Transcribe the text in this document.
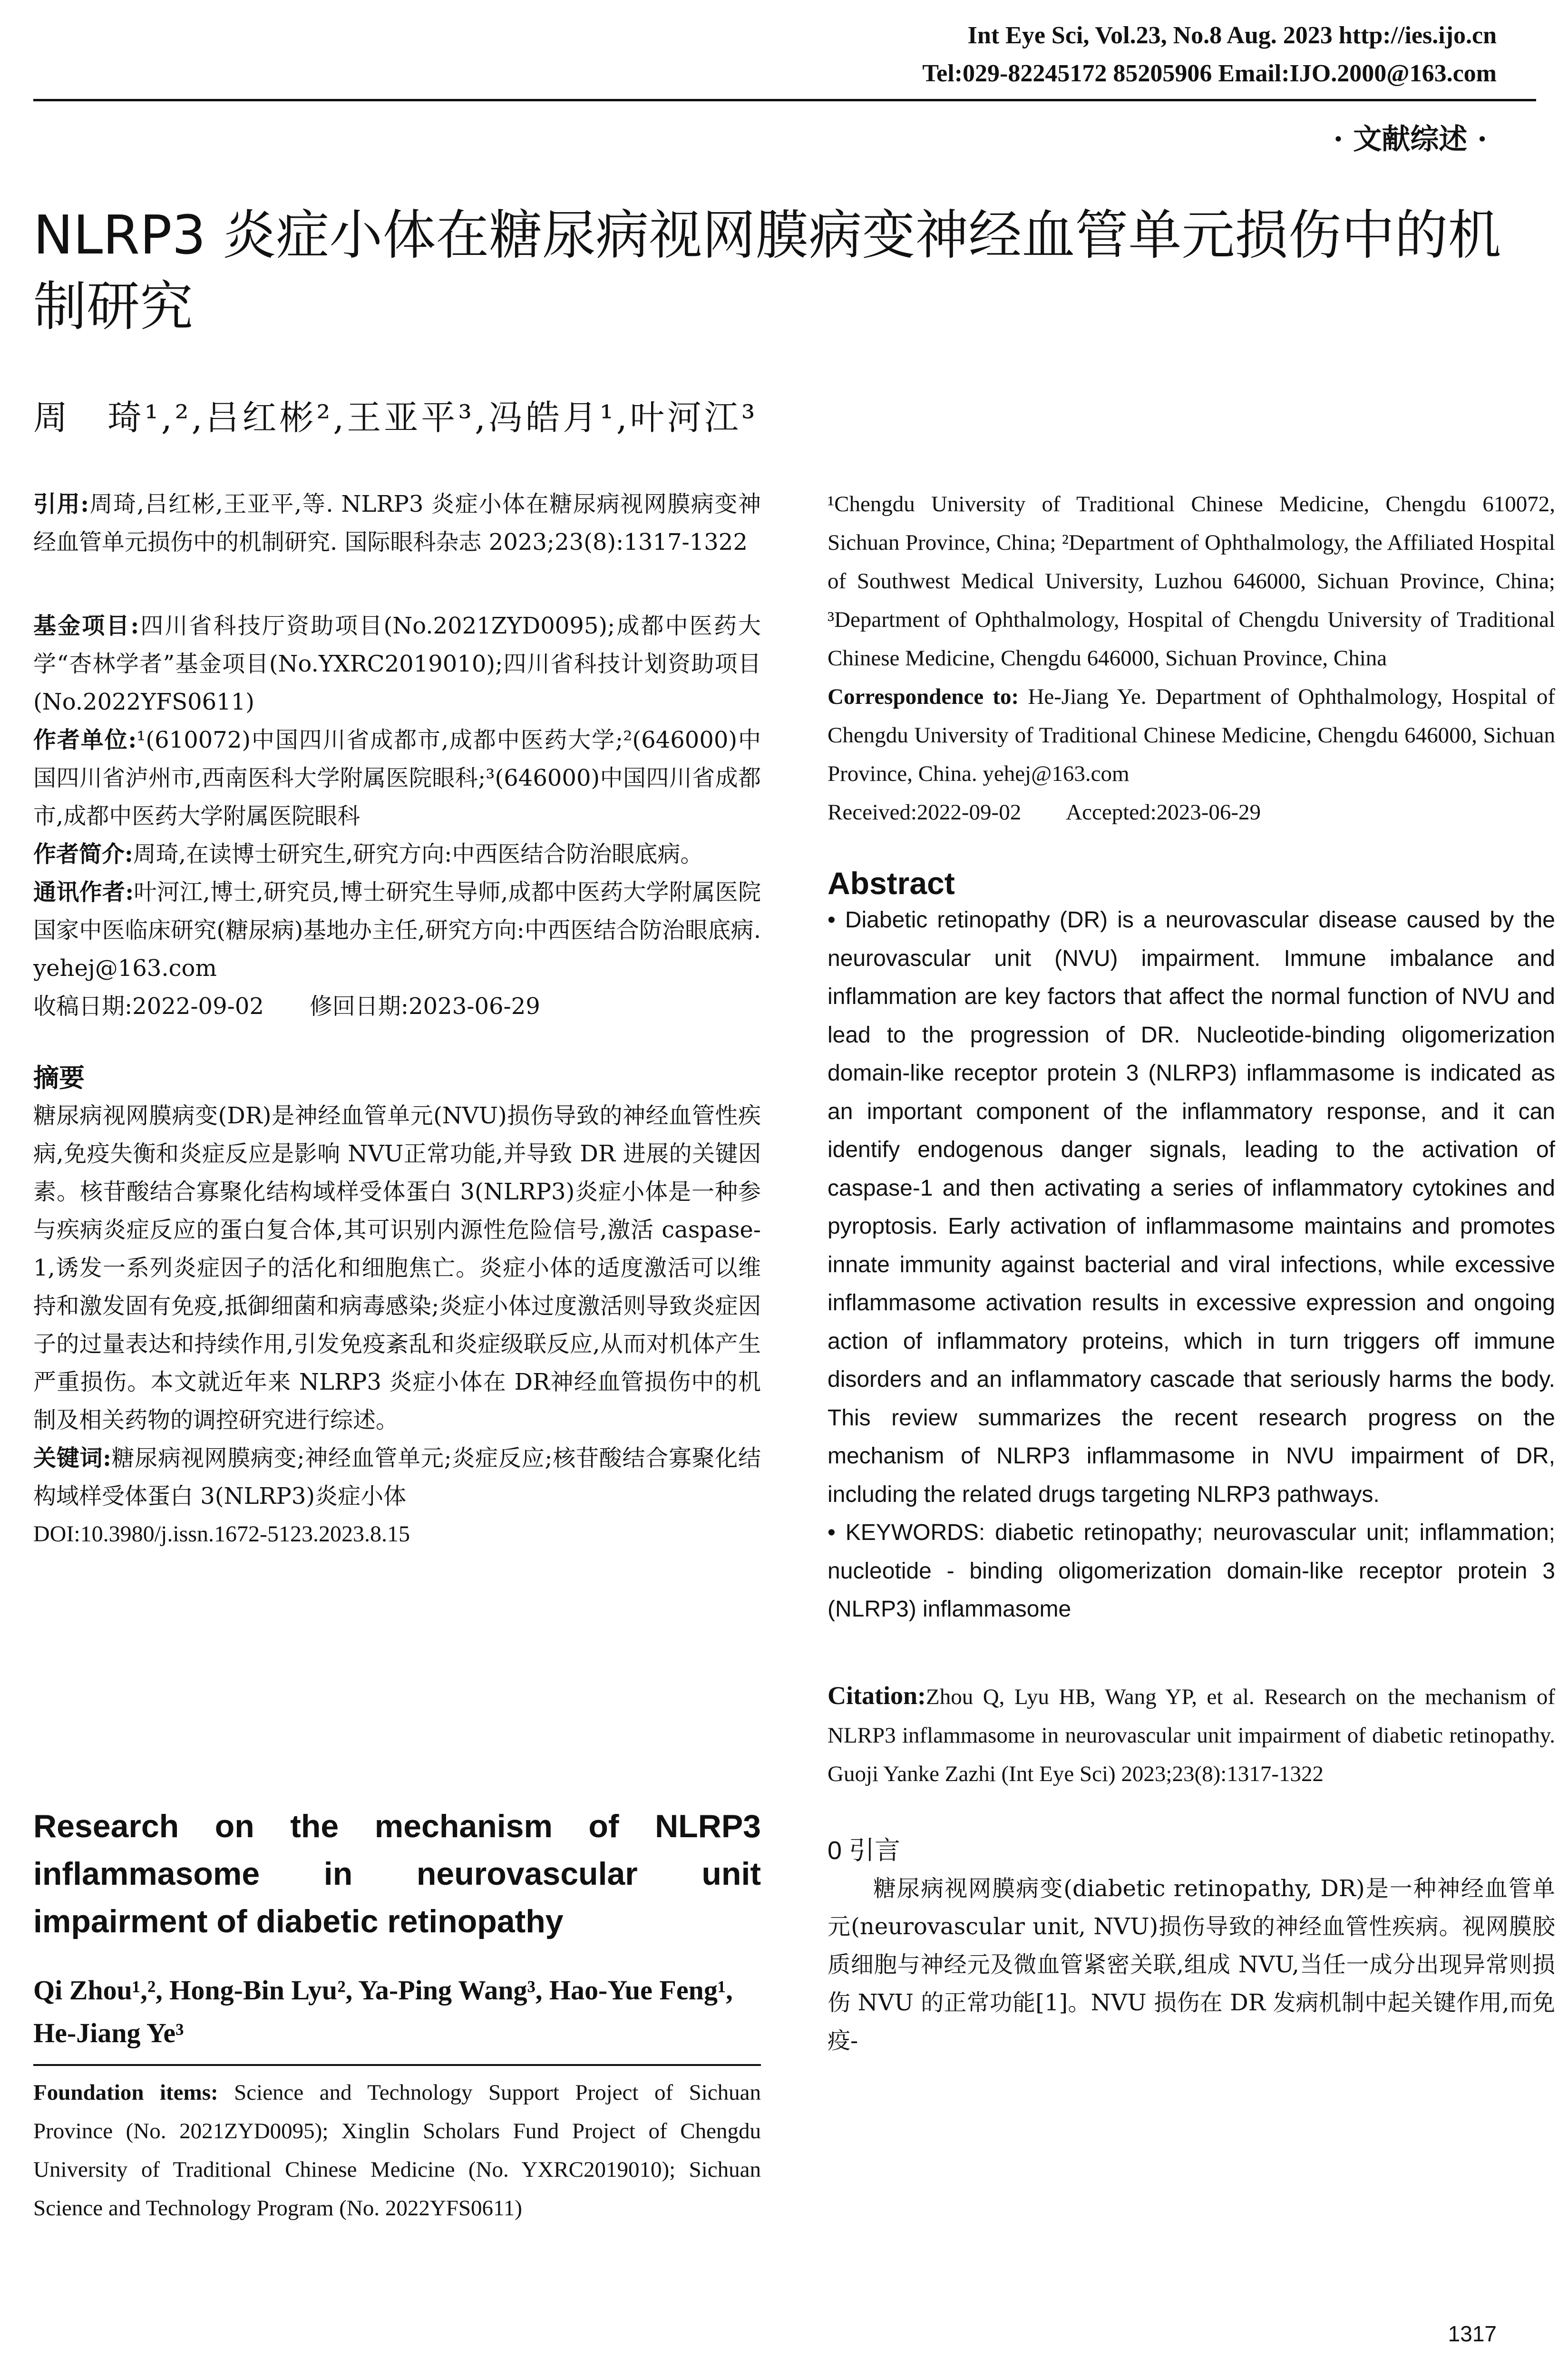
Int Eye Sci, Vol.23, No.8 Aug. 2023 http://ies.ijo.cn
Tel:029-82245172 85205906 Email:IJO.2000@163.com
· 文献综述 ·
NLRP3 炎症小体在糖尿病视网膜病变神经血管单元损伤中的机制研究
周　琦¹,²,吕红彬²,王亚平³,冯皓月¹,叶河江³

引用:周琦,吕红彬,王亚平,等. NLRP3 炎症小体在糖尿病视网膜病变神经血管单元损伤中的机制研究. 国际眼科杂志 2023;23(8):1317-1322

基金项目:四川省科技厅资助项目(No.2021ZYD0095);成都中医药大学“杏林学者”基金项目(No.YXRC2019010);四川省科技计划资助项目(No.2022YFS0611)

作者单位:¹(610072)中国四川省成都市,成都中医药大学;²(646000)中国四川省泸州市,西南医科大学附属医院眼科;³(646000)中国四川省成都市,成都中医药大学附属医院眼科

作者简介:周琦,在读博士研究生,研究方向:中西医结合防治眼底病。

通讯作者:叶河江,博士,研究员,博士研究生导师,成都中医药大学附属医院国家中医临床研究(糖尿病)基地办主任,研究方向:中西医结合防治眼底病. yehej@163.com

收稿日期:2022-09-02　　修回日期:2023-06-29

摘要

糖尿病视网膜病变(DR)是神经血管单元(NVU)损伤导致的神经血管性疾病,免疫失衡和炎症反应是影响 NVU正常功能,并导致 DR 进展的关键因素。核苷酸结合寡聚化结构域样受体蛋白 3(NLRP3)炎症小体是一种参与疾病炎症反应的蛋白复合体,其可识别内源性危险信号,激活 caspase-1,诱发一系列炎症因子的活化和细胞焦亡。炎症小体的适度激活可以维持和激发固有免疫,抵御细菌和病毒感染;炎症小体过度激活则导致炎症因子的过量表达和持续作用,引发免疫紊乱和炎症级联反应,从而对机体产生严重损伤。本文就近年来 NLRP3 炎症小体在 DR神经血管损伤中的机制及相关药物的调控研究进行综述。

关键词:糖尿病视网膜病变;神经血管单元;炎症反应;核苷酸结合寡聚化结构域样受体蛋白 3(NLRP3)炎症小体

DOI:10.3980/j.issn.1672-5123.2023.8.15

Research on the mechanism of NLRP3 inflammasome in neurovascular unit impairment of diabetic retinopathy
Qi Zhou¹,², Hong-Bin Lyu², Ya-Ping Wang³, Hao-Yue Feng¹, He-Jiang Ye³

Foundation items: Science and Technology Support Project of Sichuan Province (No. 2021ZYD0095); Xinglin Scholars Fund Project of Chengdu University of Traditional Chinese Medicine (No. YXRC2019010); Sichuan Science and Technology Program (No. 2022YFS0611)

¹Chengdu University of Traditional Chinese Medicine, Chengdu 610072, Sichuan Province, China; ²Department of Ophthalmology, the Affiliated Hospital of Southwest Medical University, Luzhou 646000, Sichuan Province, China; ³Department of Ophthalmology, Hospital of Chengdu University of Traditional Chinese Medicine, Chengdu 646000, Sichuan Province, China

Correspondence to: He-Jiang Ye. Department of Ophthalmology, Hospital of Chengdu University of Traditional Chinese Medicine, Chengdu 646000, Sichuan Province, China. yehej@163.com

Received:2022-09-02　　Accepted:2023-06-29

Abstract

• Diabetic retinopathy (DR) is a neurovascular disease caused by the neurovascular unit (NVU) impairment. Immune imbalance and inflammation are key factors that affect the normal function of NVU and lead to the progression of DR. Nucleotide-binding oligomerization domain-like receptor protein 3 (NLRP3) inflammasome is indicated as an important component of the inflammatory response, and it can identify endogenous danger signals, leading to the activation of caspase-1 and then activating a series of inflammatory cytokines and pyroptosis. Early activation of inflammasome maintains and promotes innate immunity against bacterial and viral infections, while excessive inflammasome activation results in excessive expression and ongoing action of inflammatory proteins, which in turn triggers off immune disorders and an inflammatory cascade that seriously harms the body. This review summarizes the recent research progress on the mechanism of NLRP3 inflammasome in NVU impairment of DR, including the related drugs targeting NLRP3 pathways.

• KEYWORDS: diabetic retinopathy; neurovascular unit; inflammation; nucleotide - binding oligomerization domain-like receptor protein 3 (NLRP3) inflammasome

Citation:Zhou Q, Lyu HB, Wang YP, et al. Research on the mechanism of NLRP3 inflammasome in neurovascular unit impairment of diabetic retinopathy. Guoji Yanke Zazhi (Int Eye Sci) 2023;23(8):1317-1322

0 引言

糖尿病视网膜病变(diabetic retinopathy, DR)是一种神经血管单元(neurovascular unit, NVU)损伤导致的神经血管性疾病。视网膜胶质细胞与神经元及微血管紧密关联,组成 NVU,当任一成分出现异常则损伤 NVU 的正常功能[1]。NVU 损伤在 DR 发病机制中起关键作用,而免疫-

1317
